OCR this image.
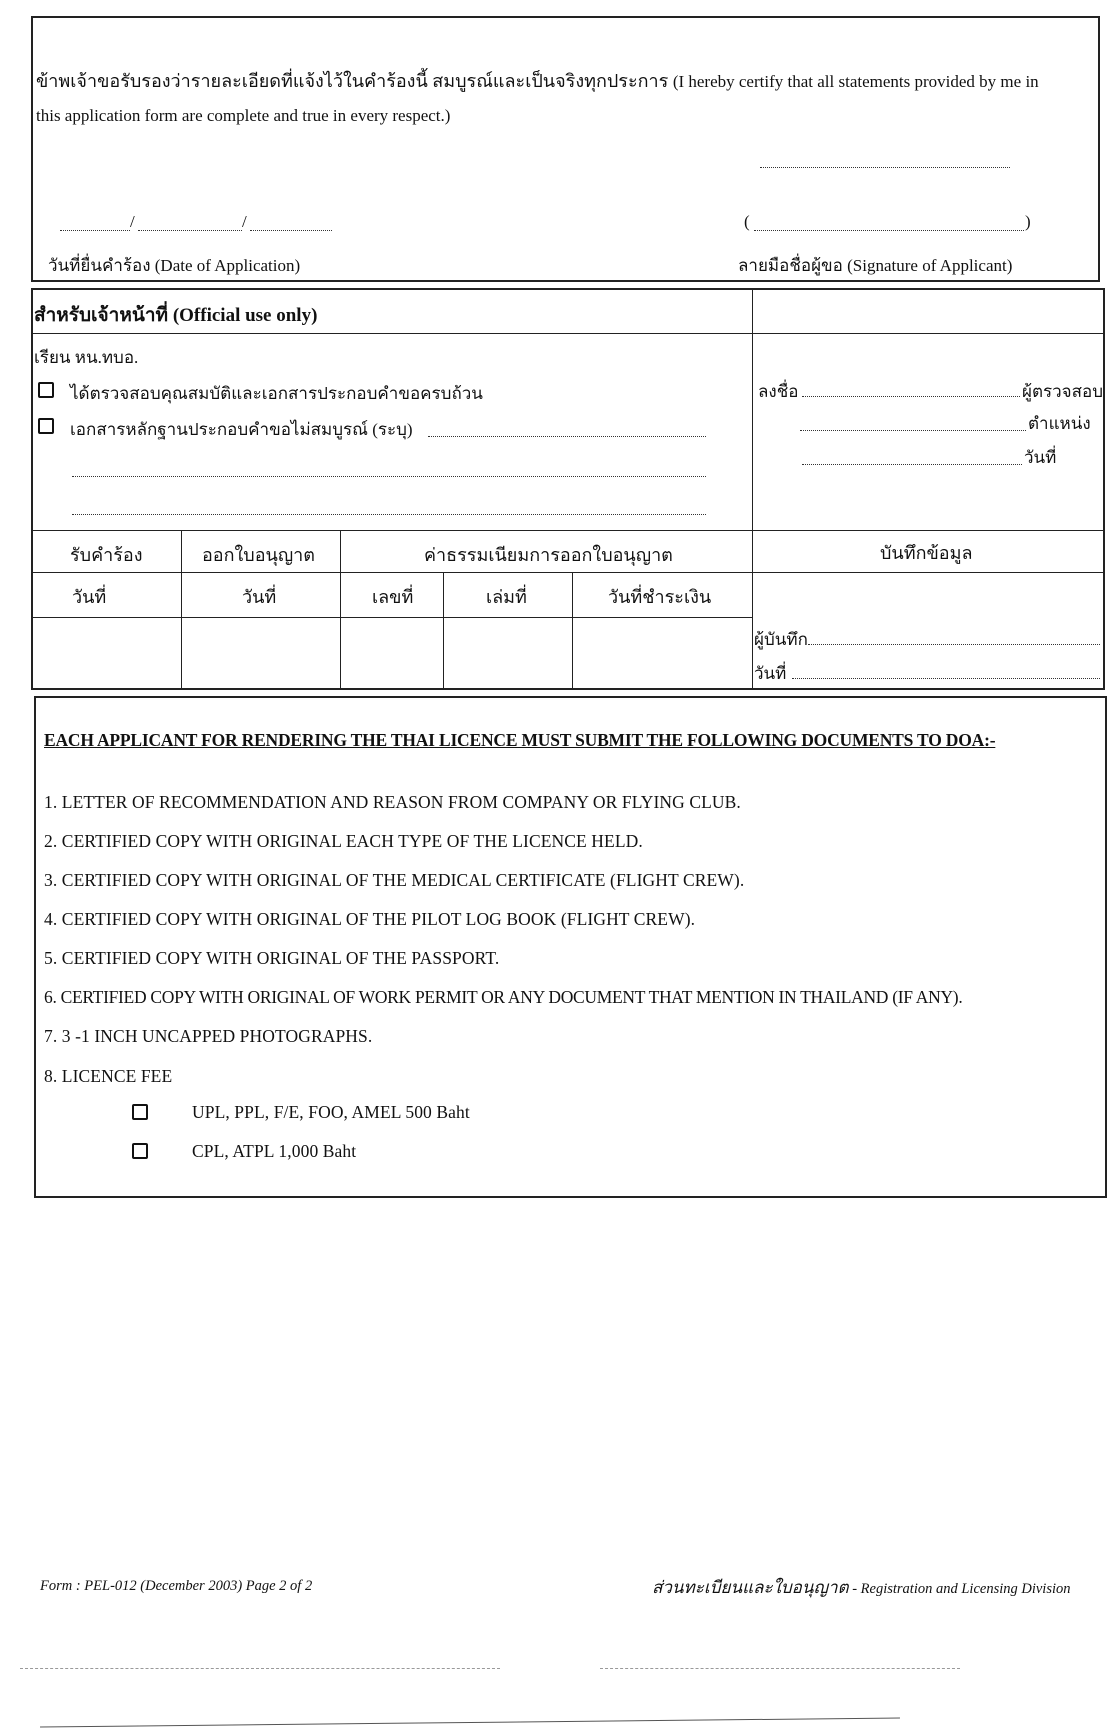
ข้าพเจ้าขอรับรองว่ารายละเอียดที่แจ้งไว้ในคำร้องนี้ สมบูรณ์และเป็นจริงทุกประการ (I hereby certify that all statements provided by me in
this application form are complete and true in every respect.)
/	/	(	)
วันที่ยื่นคำร้อง (Date of Application)	ลายมือชื่อผู้ขอ (Signature of Applicant)
สำหรับเจ้าหน้าที่ (Official use only)
เรียน หน.ทบอ.
ได้ตรวจสอบคุณสมบัติและเอกสารประกอบคำขอครบถ้วน
เอกสารหลักฐานประกอบคำขอไม่สมบูรณ์ (ระบุ)
ลงชื่อ	ผู้ตรวจสอบ
ตำแหน่ง
วันที่
รับคำร้อง	ออกใบอนุญาต	ค่าธรรมเนียมการออกใบอนุญาต	บันทึกข้อมูล
วันที่	วันที่	เลขที่	เล่มที่	วันที่ชำระเงิน
ผู้บันทึก
วันที่
EACH APPLICANT FOR RENDERING THE THAI LICENCE MUST SUBMIT THE FOLLOWING DOCUMENTS TO DOA:-
1. LETTER OF RECOMMENDATION AND REASON FROM COMPANY OR FLYING CLUB.
2. CERTIFIED COPY WITH ORIGINAL EACH TYPE OF THE LICENCE HELD.
3. CERTIFIED COPY WITH ORIGINAL OF THE MEDICAL CERTIFICATE (FLIGHT CREW).
4. CERTIFIED COPY WITH ORIGINAL OF THE PILOT LOG BOOK (FLIGHT CREW).
5. CERTIFIED COPY WITH ORIGINAL OF THE PASSPORT.
6. CERTIFIED COPY WITH ORIGINAL OF WORK PERMIT OR ANY DOCUMENT THAT MENTION IN THAILAND (IF ANY).
7. 3 -1 INCH UNCAPPED PHOTOGRAPHS.
8. LICENCE FEE
UPL, PPL, F/E, FOO, AMEL 500 Baht
CPL, ATPL 1,000 Baht
Form : PEL-012 (December 2003) Page 2 of 2	ส่วนทะเบียนและใบอนุญาต - Registration and Licensing Division
